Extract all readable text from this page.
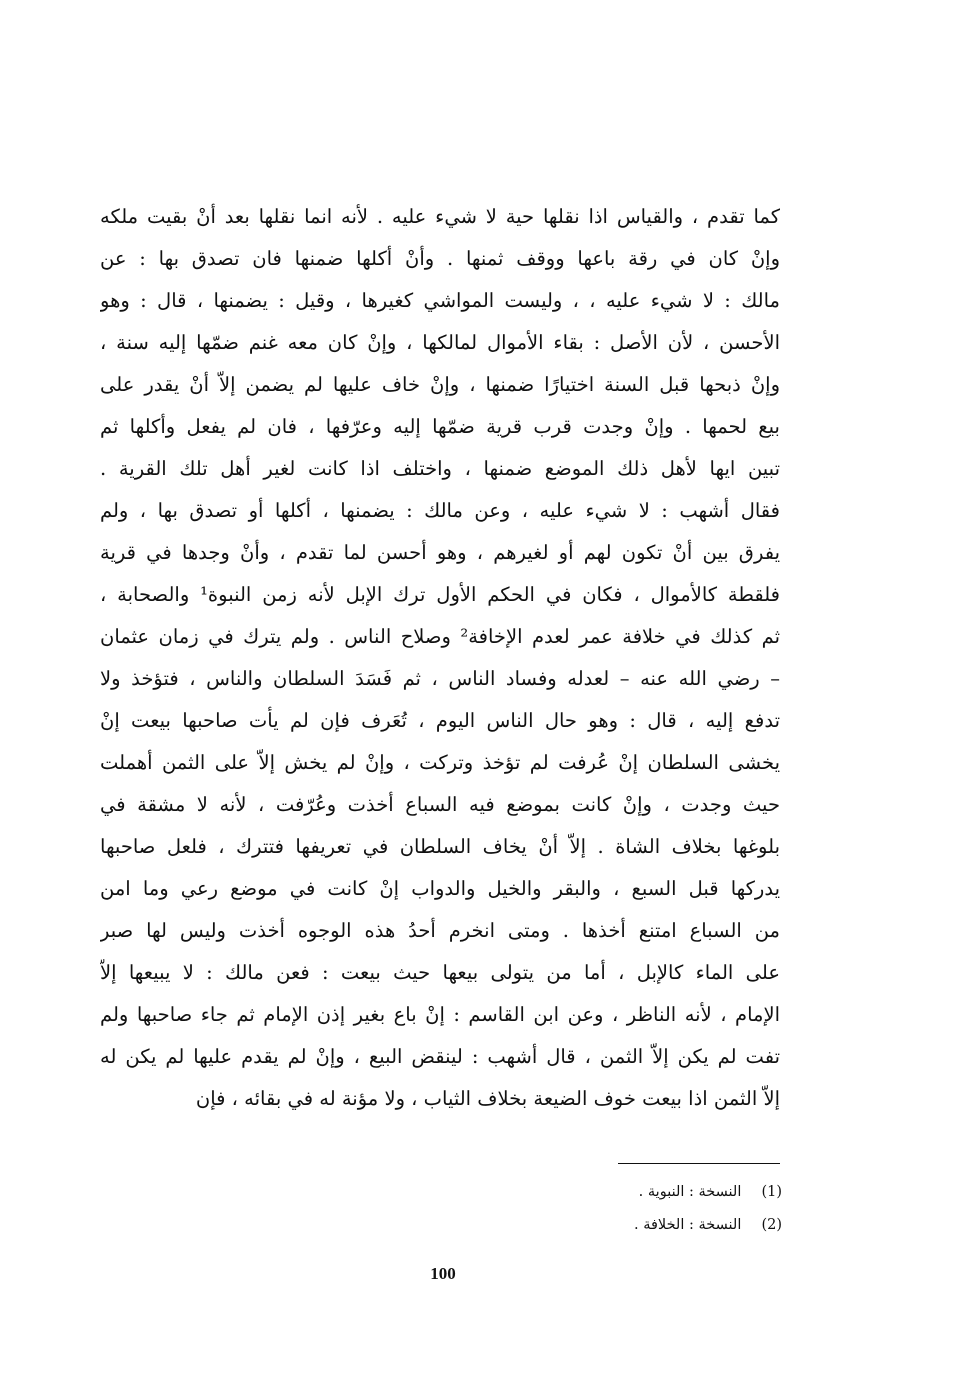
كما تقدم ، والقياس اذا نقلها حية لا شيء عليه . لأنه انما نقلها بعد أنْ بقيت ملكه
وإنْ كان في رقة باعها ووقف ثمنها . وأنْ أكلها ضمنها فان تصدق بها : عن
مالك : لا شيء عليه ، ، وليست المواشي كغيرها ، وقيل : يضمنها ، قال : وهو
الأحسن ، لأن الأصل : بقاء الأموال لمالكها ، وإنْ كان معه غنم ضمّها إليه سنة ،
وإنْ ذبحها قبل السنة اختيارًا ضمنها ، وإنْ خاف عليها لم يضمن إلاّ أنْ يقدر على
بيع لحمها . وإنْ وجدت قرب قرية ضمّها إليه وعرّفها ، فان لم يفعل وأكلها ثم
تبين ايها لأهل ذلك الموضع ضمنها ، واختلف اذا كانت لغير أهل تلك القرية .
فقال أشهب : لا شيء عليه ، وعن مالك : يضمنها ، أكلها أو تصدق بها ، ولم
يفرق بين أنْ تكون لهم أو لغيرهم ، وهو أحسن لما تقدم ، وأنْ وجدها في قرية
فلقطة كالأموال ، فكان في الحكم الأول ترك الإبل لأنه زمن النبوة¹ والصحابة ،
ثم كذلك في خلافة عمر لعدم الإخافة² وصلاح الناس . ولم يترك في زمان عثمان
– رضي الله عنه – لعدله وفساد الناس ، ثم فَسَدَ السلطان والناس ، فتؤخذ ولا
تدفع إليه ، قال : وهو حال الناس اليوم ، تُعَرف فإن لم يأت صاحبها بيعت إنْ
يخشى السلطان إنْ عُرفت لم تؤخذ وتركت ، وإنْ لم يخش إلاّ على الثمن أهملت
حيث وجدت ، وإنْ كانت بموضع فيه السباع أخذت وعُرّفت ، لأنه لا مشقة في
بلوغها بخلاف الشاة . إلاّ أنْ يخاف السلطان في تعريفها فتترك ، فلعل صاحبها
يدركها قبل السبع ، والبقر والخيل والدواب إنْ كانت في موضع رعي وما امن
من السباع امتنع أخذها . ومتى انخرم أحدُ هذه الوجوه أخذت وليس لها صبر
على الماء كالإبل ، أما من يتولى بيعها حيث بيعت : فعن مالك : لا يبيعها إلاّ
الإمام ، لأنه الناظر ، وعن ابن القاسم : إنْ باع بغير إذن الإمام ثم جاء صاحبها ولم
تفت لم يكن إلاّ الثمن ، قال أشهب : لينقض البيع ، وإنْ لم يقدم عليها لم يكن له
إلاّ الثمن اذا بيعت خوف الضيعة بخلاف الثياب ، ولا مؤنة له في بقائه ، فإن
(1) النسخة : النبوية .
(2) النسخة : الخلافة .
100
